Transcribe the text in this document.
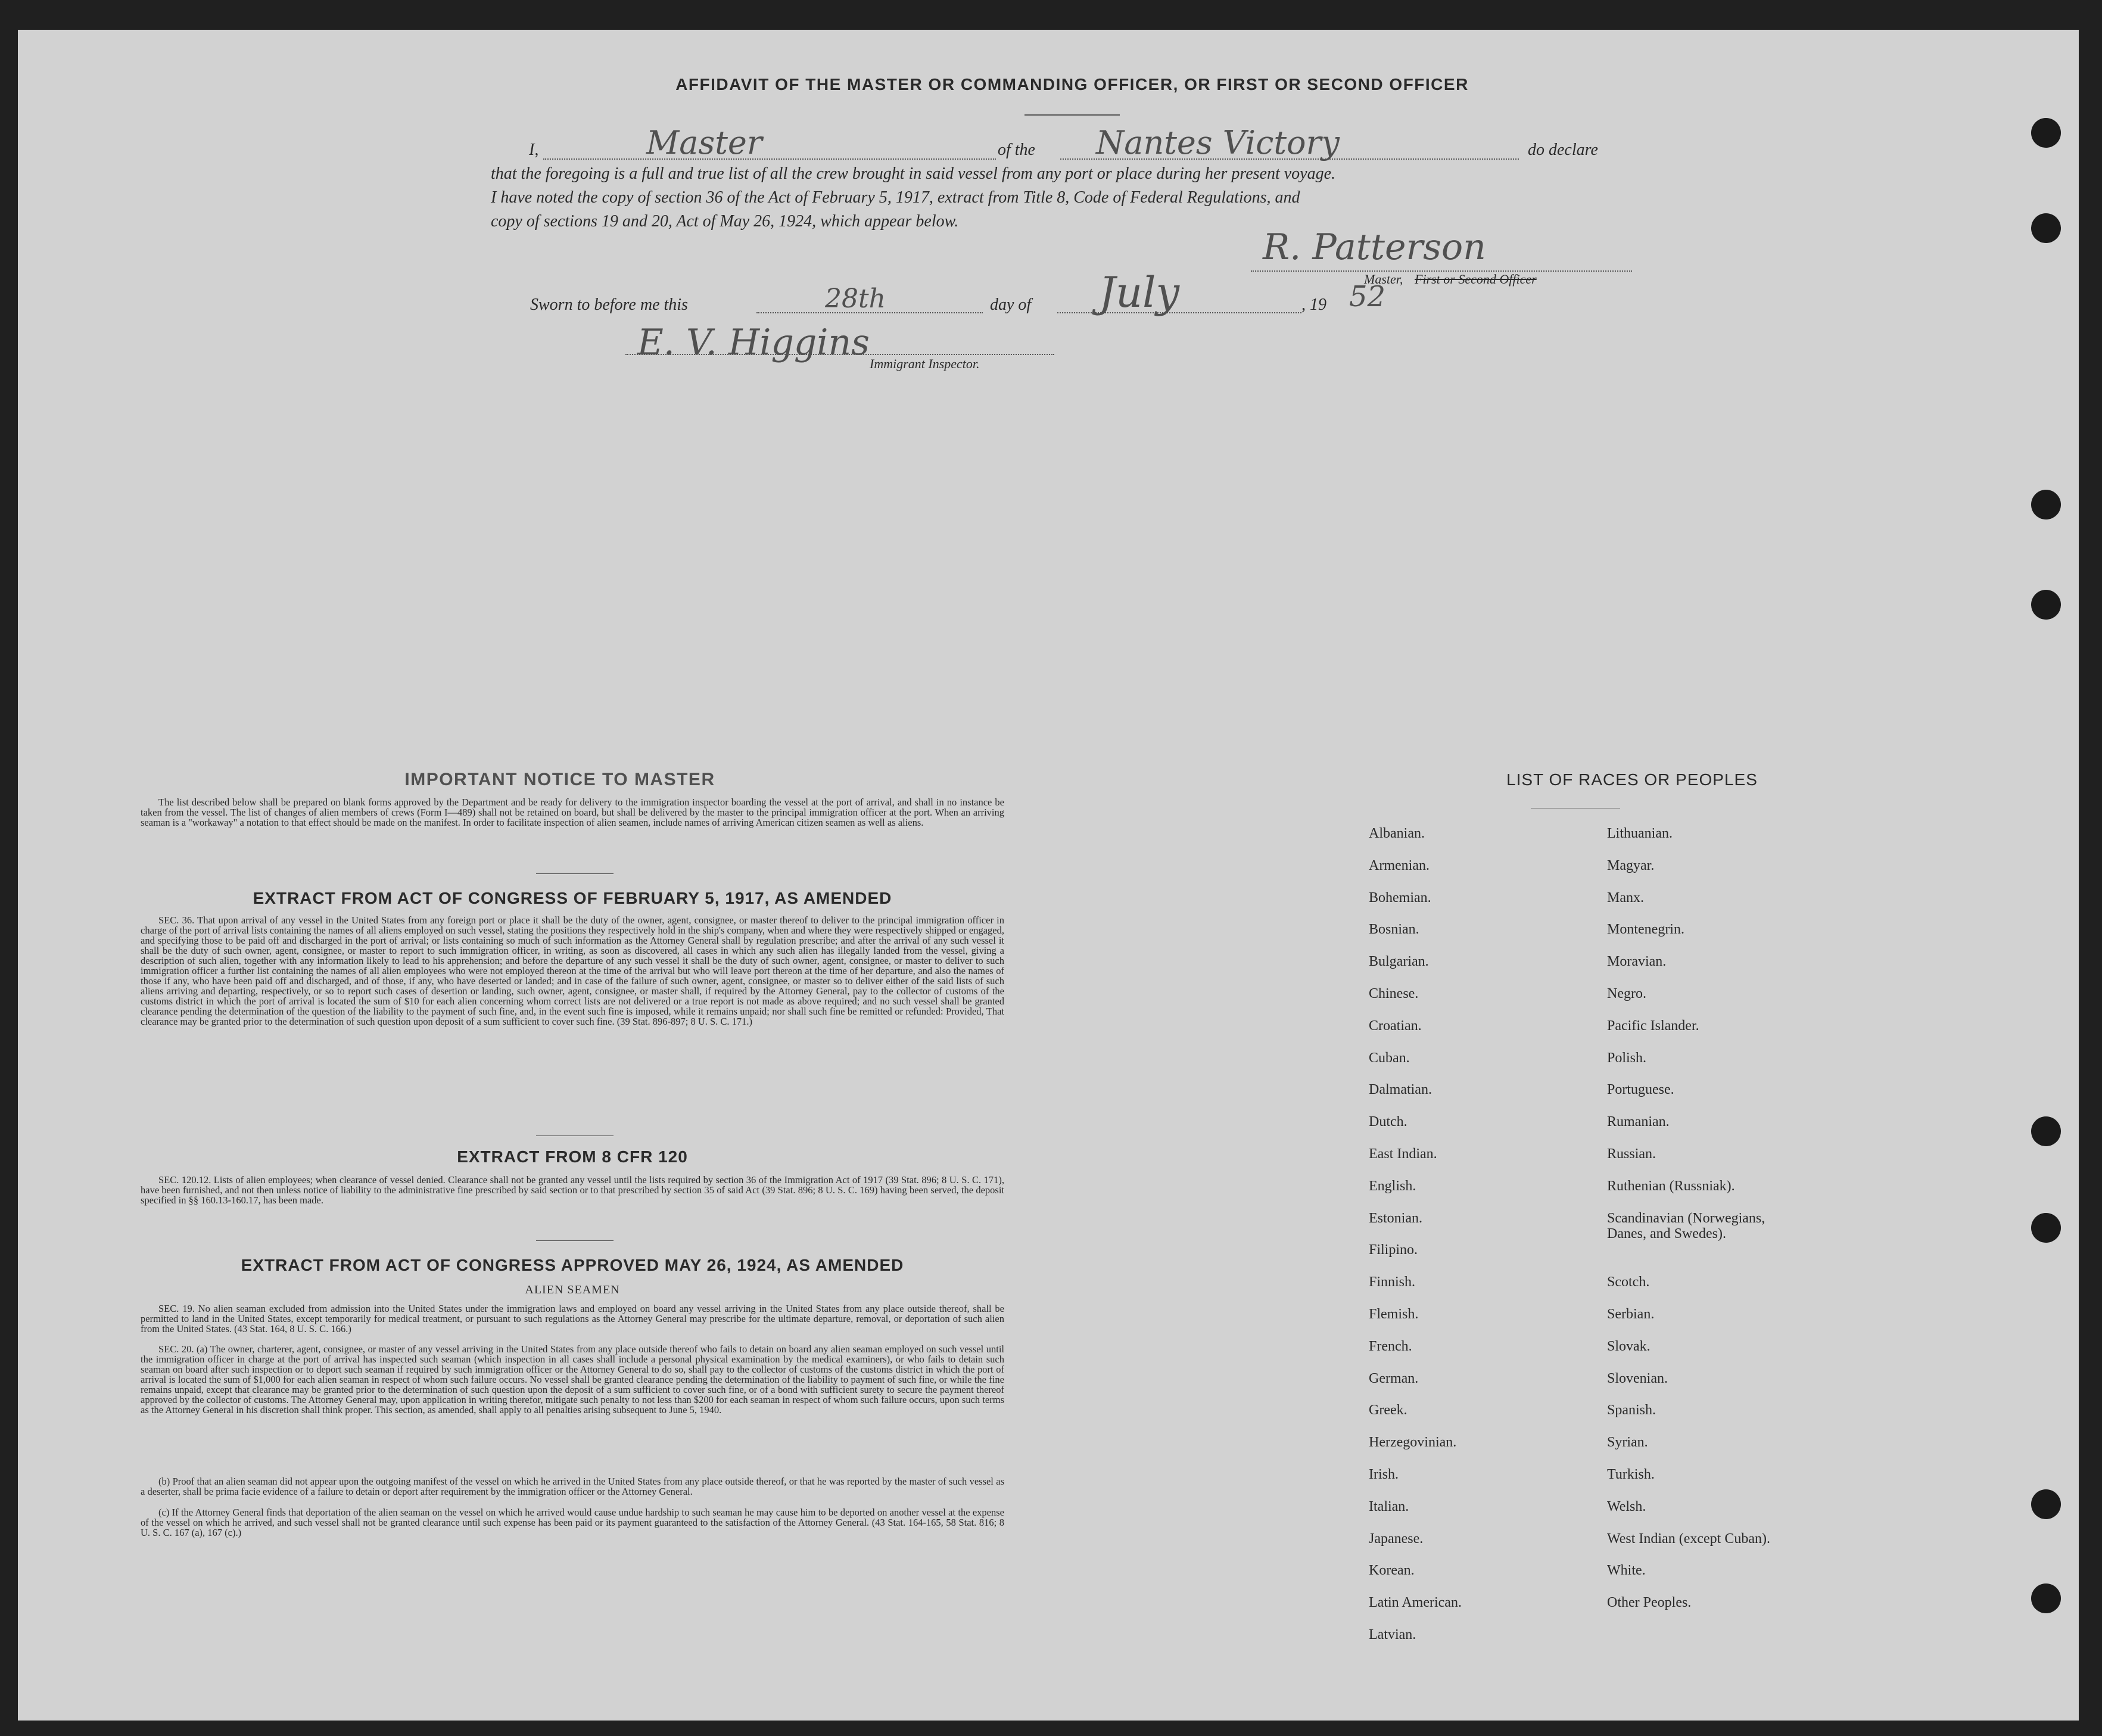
AFFIDAVIT OF THE MASTER OR COMMANDING OFFICER, OR FIRST OR SECOND OFFICER
I,	Master	of the Nantes Victory	do declare
that the foregoing is a full and true list of all the crew brought in said vessel from any port or place during her present voyage.
I have noted the copy of section 36 of the Act of February 5, 1917, extract from Title 8, Code of Federal Regulations, and
copy of sections 19 and 20, Act of May 26, 1924, which appear below.
R. Patterson
Master, First or Second Officer
Sworn to before me this	28th	day of July	, 19 52
E. V. Higgins
Immigrant Inspector.
IMPORTANT NOTICE TO MASTER
The list described below shall be prepared on blank forms approved by the Department and be ready for delivery to the immigration inspector boarding the vessel at the port of arrival, and shall in no instance be taken from the vessel. The list of changes of alien members of crews (Form I—489) shall not be retained on board, but shall be delivered by the master to the principal immigration officer at the port. When an arriving seaman is a "workaway" a notation to that effect should be made on the manifest. In order to facilitate inspection of alien seamen, include names of arriving American citizen seamen as well as aliens.
EXTRACT FROM ACT OF CONGRESS OF FEBRUARY 5, 1917, AS AMENDED
SEC. 36. That upon arrival of any vessel in the United States from any foreign port or place it shall be the duty of the owner, agent, consignee, or master thereof to deliver to the principal immigration officer in charge of the port of arrival lists containing the names of all aliens employed on such vessel, stating the positions they respectively hold in the ship's company, when and where they were respectively shipped or engaged, and specifying those to be paid off and discharged in the port of arrival; or lists containing so much of such information as the Attorney General shall by regulation prescribe; and after the arrival of any such vessel it shall be the duty of such owner, agent, consignee, or master to report to such immigration officer, in writing, as soon as discovered, all cases in which any such alien has illegally landed from the vessel, giving a description of such alien, together with any information likely to lead to his apprehension; and before the departure of any such vessel it shall be the duty of such owner, agent, consignee, or master to deliver to such immigration officer a further list containing the names of all alien employees who were not employed thereon at the time of the arrival but who will leave port thereon at the time of her departure, and also the names of those if any, who have been paid off and discharged, and of those, if any, who have deserted or landed; and in case of the failure of such owner, agent, consignee, or master so to deliver either of the said lists of such aliens arriving and departing, respectively, or so to report such cases of desertion or landing, such owner, agent, consignee, or master shall, if required by the Attorney General, pay to the collector of customs of the customs district in which the port of arrival is located the sum of $10 for each alien concerning whom correct lists are not delivered or a true report is not made as above required; and no such vessel shall be granted clearance pending the determination of the question of the liability to the payment of such fine, and, in the event such fine is imposed, while it remains unpaid; nor shall such fine be remitted or refunded: Provided, That clearance may be granted prior to the determination of such question upon deposit of a sum sufficient to cover such fine. (39 Stat. 896-897; 8 U. S. C. 171.)
EXTRACT FROM 8 CFR 120
SEC. 120.12. Lists of alien employees; when clearance of vessel denied. Clearance shall not be granted any vessel until the lists required by section 36 of the Immigration Act of 1917 (39 Stat. 896; 8 U. S. C. 171), have been furnished, and not then unless notice of liability to the administrative fine prescribed by said section or to that prescribed by section 35 of said Act (39 Stat. 896; 8 U. S. C. 169) having been served, the deposit specified in §§ 160.13-160.17, has been made.
EXTRACT FROM ACT OF CONGRESS APPROVED MAY 26, 1924, AS AMENDED
ALIEN SEAMEN
SEC. 19. No alien seaman excluded from admission into the United States under the immigration laws and employed on board any vessel arriving in the United States from any place outside thereof, shall be permitted to land in the United States, except temporarily for medical treatment, or pursuant to such regulations as the Attorney General may prescribe for the ultimate departure, removal, or deportation of such alien from the United States. (43 Stat. 164, 8 U. S. C. 166.)
SEC. 20. (a) The owner, charterer, agent, consignee, or master of any vessel arriving in the United States from any place outside thereof who fails to detain on board any alien seaman employed on such vessel until the immigration officer in charge at the port of arrival has inspected such seaman (which inspection in all cases shall include a personal physical examination by the medical examiners), or who fails to detain such seaman on board after such inspection or to deport such seaman if required by such immigration officer or the Attorney General to do so, shall pay to the collector of customs of the customs district in which the port of arrival is located the sum of $1,000 for each alien seaman in respect of whom such failure occurs. No vessel shall be granted clearance pending the determination of the liability to payment of such fine, or while the fine remains unpaid, except that clearance may be granted prior to the determination of such question upon the deposit of a sum sufficient to cover such fine, or of a bond with sufficient surety to secure the payment thereof approved by the collector of customs. The Attorney General may, upon application in writing therefor, mitigate such penalty to not less than $200 for each seaman in respect of whom such failure occurs, upon such terms as the Attorney General in his discretion shall think proper. This section, as amended, shall apply to all penalties arising subsequent to June 5, 1940.
(b) Proof that an alien seaman did not appear upon the outgoing manifest of the vessel on which he arrived in the United States from any place outside thereof, or that he was reported by the master of such vessel as a deserter, shall be prima facie evidence of a failure to detain or deport after requirement by the immigration officer or the Attorney General.
(c) If the Attorney General finds that deportation of the alien seaman on the vessel on which he arrived would cause undue hardship to such seaman he may cause him to be deported on another vessel at the expense of the vessel on which he arrived, and such vessel shall not be granted clearance until such expense has been paid or its payment guaranteed to the satisfaction of the Attorney General. (43 Stat. 164-165, 58 Stat. 816; 8 U. S. C. 167 (a), 167 (c).)
LIST OF RACES OR PEOPLES
Albanian.
Armenian.
Bohemian.
Bosnian.
Bulgarian.
Chinese.
Croatian.
Cuban.
Dalmatian.
Dutch.
East Indian.
English.
Estonian.
Filipino.
Finnish.
Flemish.
French.
German.
Greek.
Herzegovinian.
Irish.
Italian.
Japanese.
Korean.
Latin American.
Latvian.
Lithuanian.
Magyar.
Manx.
Montenegrin.
Moravian.
Negro.
Pacific Islander.
Polish.
Portuguese.
Rumanian.
Russian.
Ruthenian (Russniak).
Scandinavian (Norwegians,
Danes, and Swedes).
Scotch.
Serbian.
Slovak.
Slovenian.
Spanish.
Syrian.
Turkish.
Welsh.
West Indian (except Cuban).
White.
Other Peoples.
